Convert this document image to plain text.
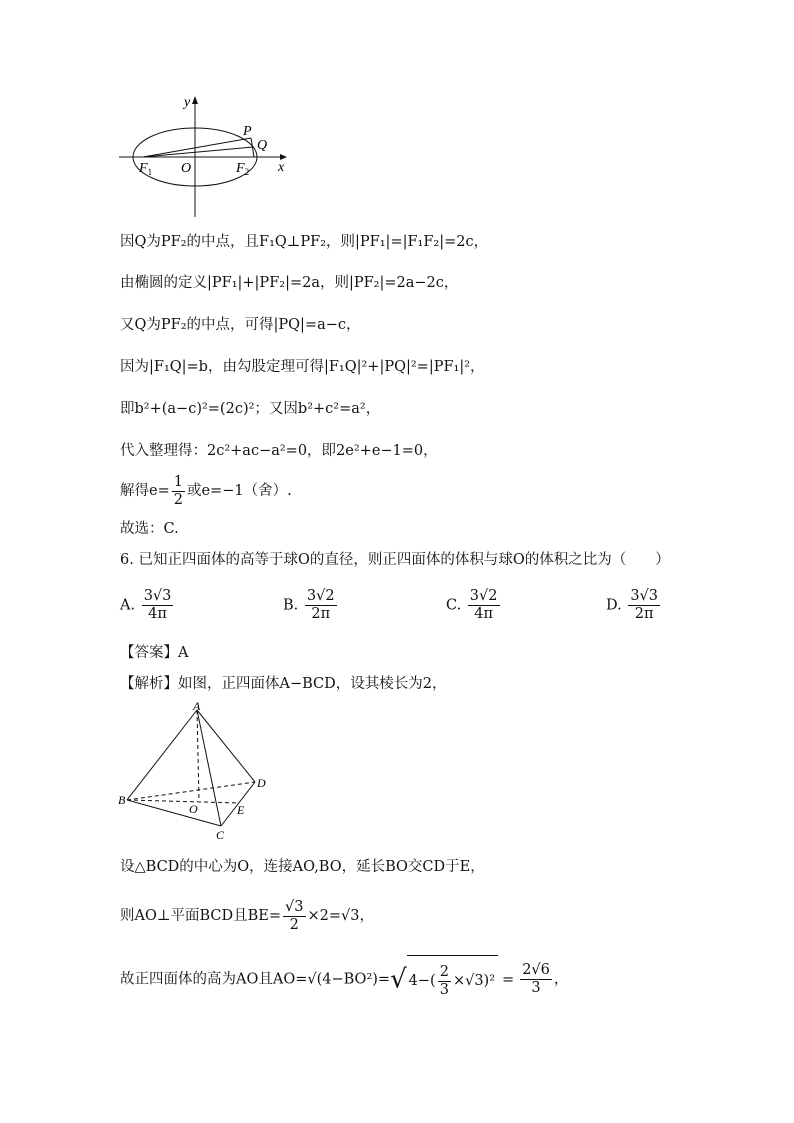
y
x
O
P
Q
$F_1$	$F_2$
因Q为PF₂的中点，且F₁Q⊥PF₂，则|PF₁|=|F₁F₂|=2c，
由椭圆的定义|PF₁|+|PF₂|=2a，则|PF₂|=2a−2c，
又Q为PF₂的中点，可得|PQ|=a−c，
因为|F₁Q|=b，由勾股定理可得|F₁Q|²+|PQ|²=|PF₁|²，
即b²+(a−c)²=(2c)²；又因b²+c²=a²，
代入整理得：2c²+ac−a²=0，即2e²+e−1=0，
解得$e= \frac{1}{2}$ 或e=−1（舍）.
故选：C.
6. 已知正四面体的高等于球O的直径，则正四面体的体积与球O的体积之比为（　　）
A. $\frac{3√3}{4\pi}$	B. $\frac{3√2}{2\pi}$	C. $\frac{3√2}{4\pi}$	D. $\frac{3√3}{2\pi}$
【答案】A
【解析】如图，正四面体A−BCD，设其棱长为2，
A
B
C
D
E
O
设△BCD的中心为O，连接AO,BO，延长BO交CD于E，
则AO⊥平面BCD且$BE= \frac{√3}{2} \times 2=√3$，
故正四面体的高为AO且AO=√(4−BO²)=√ $4-( \frac{2}{3} \times√3)^2 = \frac{2√6}{3}$ ，
